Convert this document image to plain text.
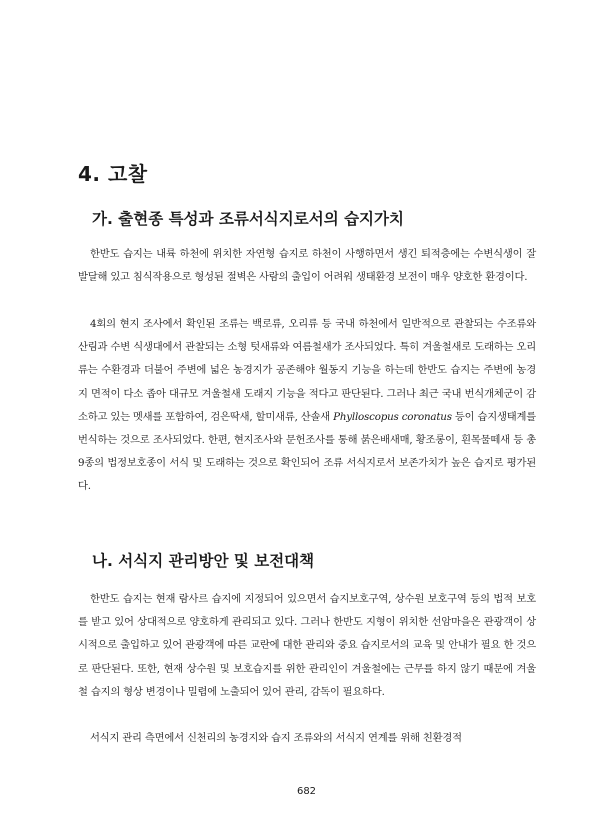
4. 고찰
가. 출현종 특성과 조류서식지로서의 습지가치

한반도 습지는 내륙 하천에 위치한 자연형 습지로 하천이 사행하면서 생긴 퇴적층에는 수변식생이 잘 발달해 있고 침식작용으로 형성된 절벽은 사람의 출입이 어려워 생태환경 보전이 매우 양호한 환경이다.

4회의 현지 조사에서 확인된 조류는 백로류, 오리류 등 국내 하천에서 일반적으로 관찰되는 수조류와 산림과 수변 식생대에서 관찰되는 소형 텃새류와 여름철새가 조사되었다. 특히 겨울철새로 도래하는 오리류는 수환경과 더불어 주변에 넓은 농경지가 공존해야 월동지 기능을 하는데 한반도 습지는 주변에 농경지 면적이 다소 좁아 대규모 겨울철새 도래지 기능을 적다고 판단된다. 그러나 최근 국내 번식개체군이 감소하고 있는 멧새를 포함하여, 검은딱새, 할미새류, 산솔새 Phylloscopus coronatus 등이 습지생태계를 번식하는 것으로 조사되었다. 한편, 현지조사와 문헌조사를 통해 붉은배새매, 황조롱이, 흰목물떼새 등 총 9종의 법정보호종이 서식 및 도래하는 것으로 확인되어 조류 서식지로서 보존가치가 높은 습지로 평가된다.

나. 서식지 관리방안 및 보전대책

한반도 습지는 현재 람사르 습지에 지정되어 있으면서 습지보호구역, 상수원 보호구역 등의 법적 보호를 받고 있어 상대적으로 양호하게 관리되고 있다. 그러나 한반도 지형이 위치한 선암마을은 관광객이 상시적으로 출입하고 있어 관광객에 따른 교란에 대한 관리와 중요 습지로서의 교육 및 안내가 필요 한 것으로 판단된다. 또한, 현재 상수원 및 보호습지를 위한 관리인이 겨울철에는 근무를 하지 않기 때문에 겨울철 습지의 형상 변경이나 밀렵에 노출되어 있어 관리, 감독이 필요하다.

서식지 관리 측면에서 신천리의 농경지와 습지 조류와의 서식지 연계를 위해 친환경적

682
